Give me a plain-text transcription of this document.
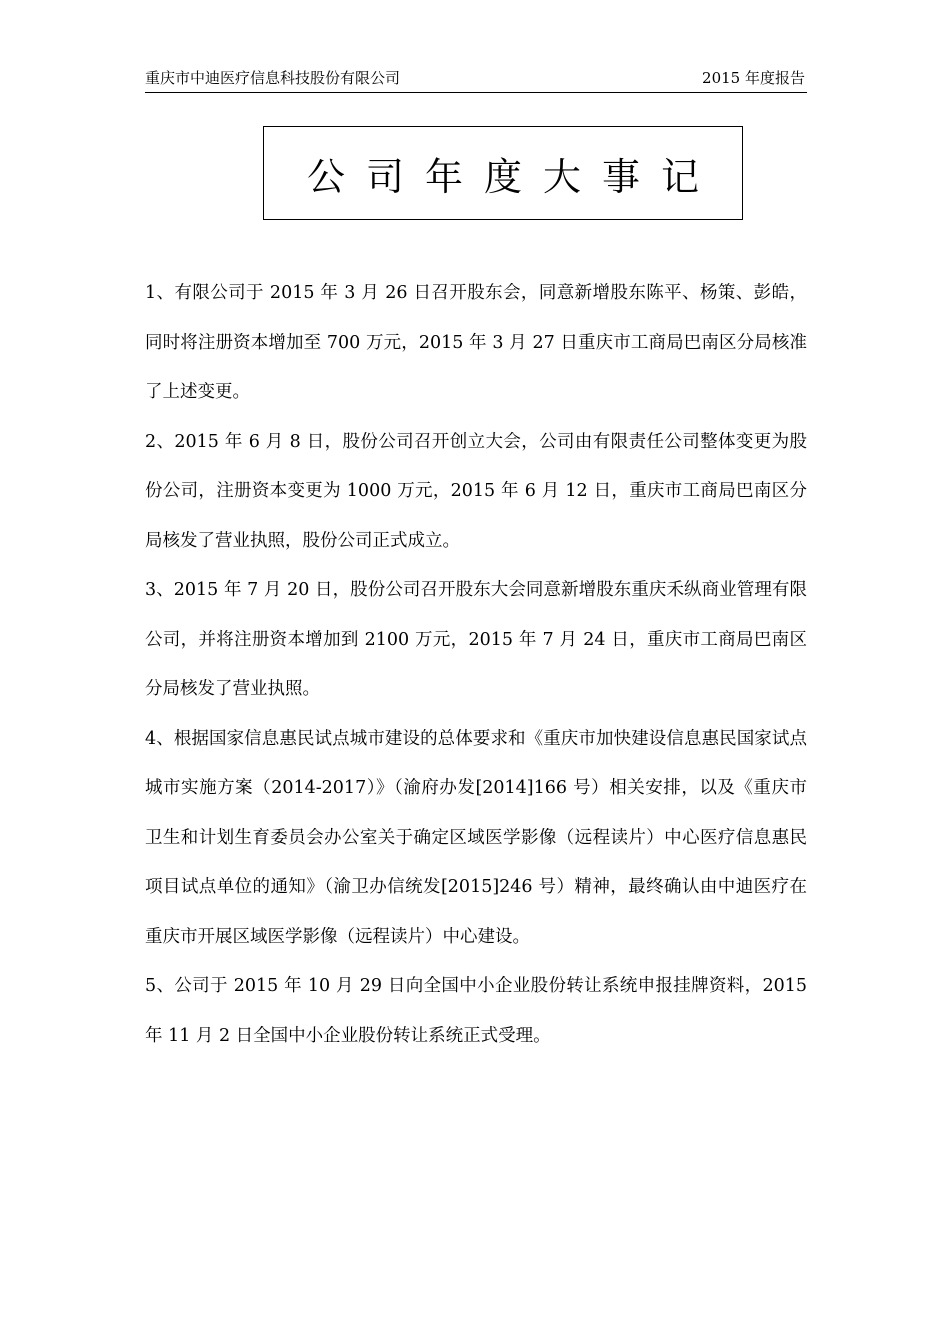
重庆市中迪医疗信息科技股份有限公司	2015 年度报告
公司年度大事记

1、有限公司于 2015 年 3 月 26 日召开股东会，同意新增股东陈平、杨策、彭皓，同时将注册资本增加至 700 万元，2015 年 3 月 27 日重庆市工商局巴南区分局核准了上述变更。

2、2015 年 6 月 8 日，股份公司召开创立大会，公司由有限责任公司整体变更为股份公司，注册资本变更为 1000 万元，2015 年 6 月 12 日，重庆市工商局巴南区分局核发了营业执照，股份公司正式成立。

3、2015 年 7 月 20 日，股份公司召开股东大会同意新增股东重庆禾纵商业管理有限公司，并将注册资本增加到 2100 万元，2015 年 7 月 24 日，重庆市工商局巴南区分局核发了营业执照。

4、根据国家信息惠民试点城市建设的总体要求和《重庆市加快建设信息惠民国家试点城市实施方案（2014-2017）》（渝府办发[2014]166 号）相关安排，以及《重庆市卫生和计划生育委员会办公室关于确定区域医学影像（远程读片）中心医疗信息惠民项目试点单位的通知》（渝卫办信统发[2015]246 号）精神，最终确认由中迪医疗在重庆市开展区域医学影像（远程读片）中心建设。

5、公司于 2015 年 10 月 29 日向全国中小企业股份转让系统申报挂牌资料，2015 年 11 月 2 日全国中小企业股份转让系统正式受理。
